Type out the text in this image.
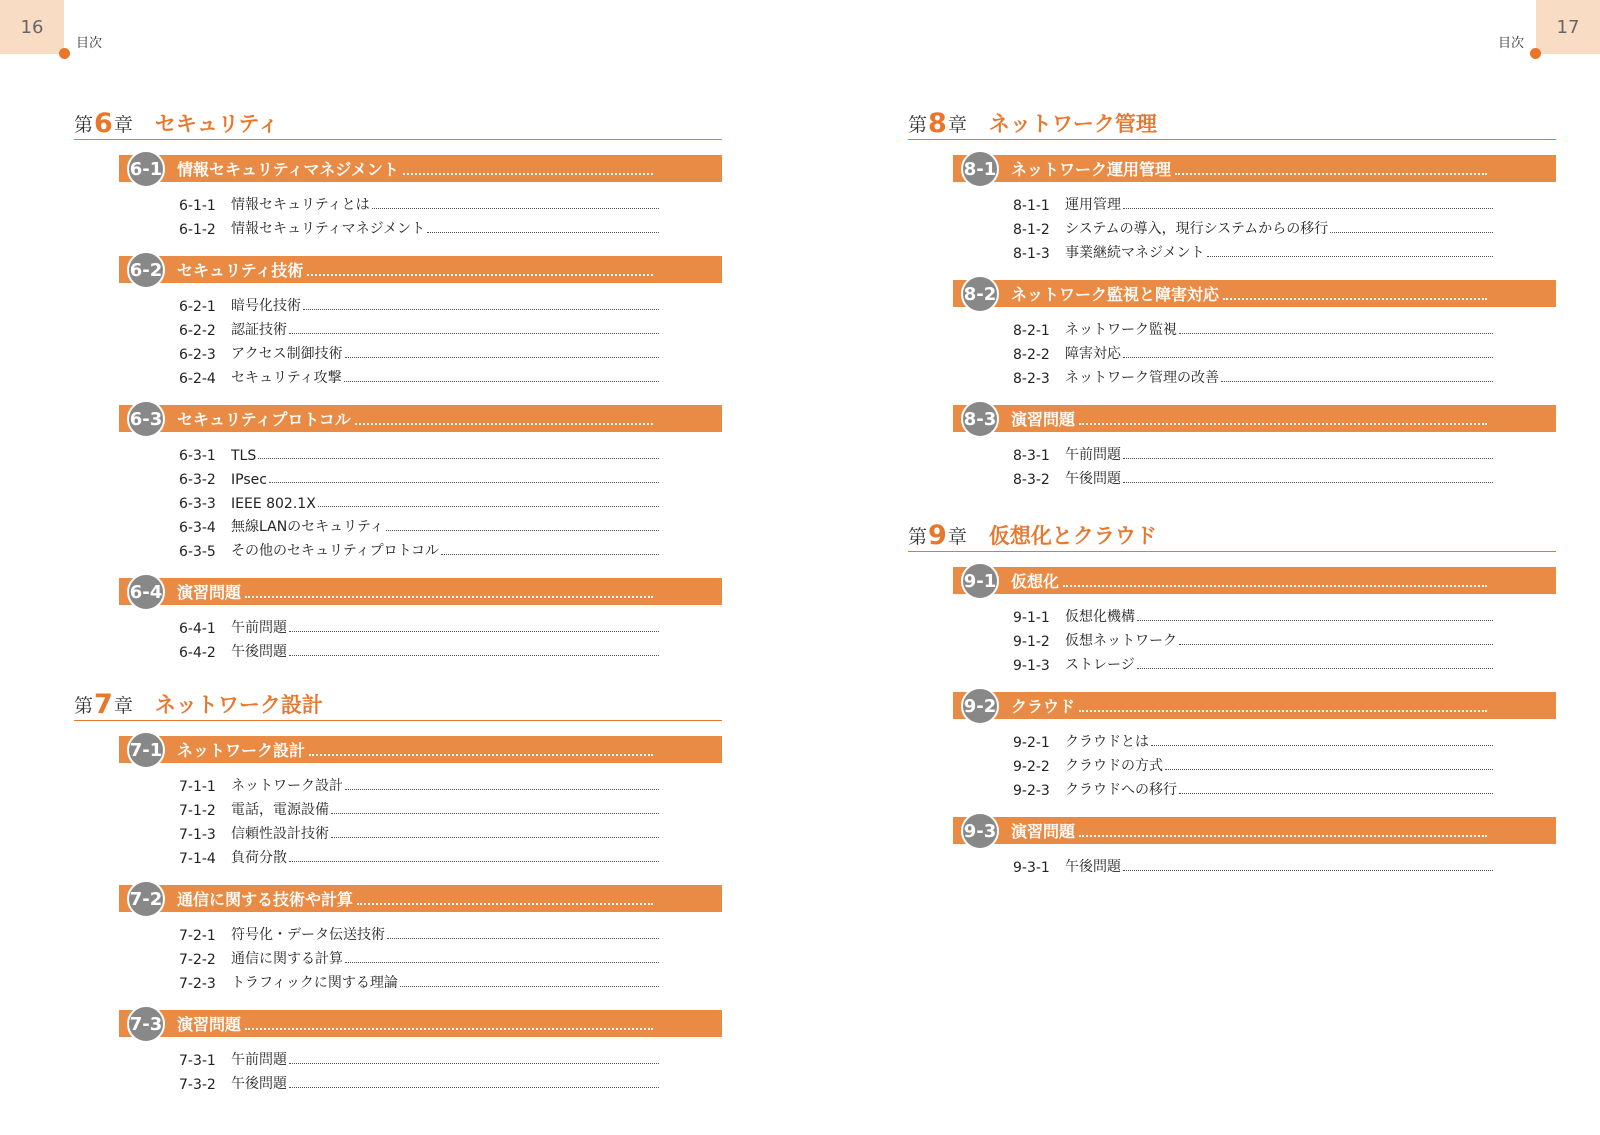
16
目次
第 6 章 セキュリティ
6-1 情報セキュリティマネジメント
6-1-1	情報セキュリティとは
6-1-2	情報セキュリティマネジメント
6-2 セキュリティ技術
6-2-1	暗号化技術
6-2-2	認証技術
6-2-3	アクセス制御技術
6-2-4	セキュリティ攻撃
6-3 セキュリティプロトコル
6-3-1	TLS
6-3-2	IPsec
6-3-3	IEEE 802.1X
6-3-4	無線LANのセキュリティ
6-3-5	その他のセキュリティプロトコル
6-4 演習問題
6-4-1	午前問題
6-4-2	午後問題
第 7 章 ネットワーク設計
7-1 ネットワーク設計
7-1-1	ネットワーク設計
7-1-2	電話，電源設備
7-1-3	信頼性設計技術
7-1-4	負荷分散
7-2 通信に関する技術や計算
7-2-1	符号化・データ伝送技術
7-2-2	通信に関する計算
7-2-3	トラフィックに関する理論
7-3 演習問題
7-3-1	午前問題
7-3-2	午後問題
17
目次
第 8 章 ネットワーク管理
8-1 ネットワーク運用管理
8-1-1	運用管理
8-1-2	システムの導入，現行システムからの移行
8-1-3	事業継続マネジメント
8-2 ネットワーク監視と障害対応
8-2-1	ネットワーク監視
8-2-2	障害対応
8-2-3	ネットワーク管理の改善
8-3 演習問題
8-3-1	午前問題
8-3-2	午後問題
第 9 章 仮想化とクラウド
9-1 仮想化
9-1-1	仮想化機構
9-1-2	仮想ネットワーク
9-1-3	ストレージ
9-2 クラウド
9-2-1	クラウドとは
9-2-2	クラウドの方式
9-2-3	クラウドへの移行
9-3 演習問題
9-3-1	午後問題
